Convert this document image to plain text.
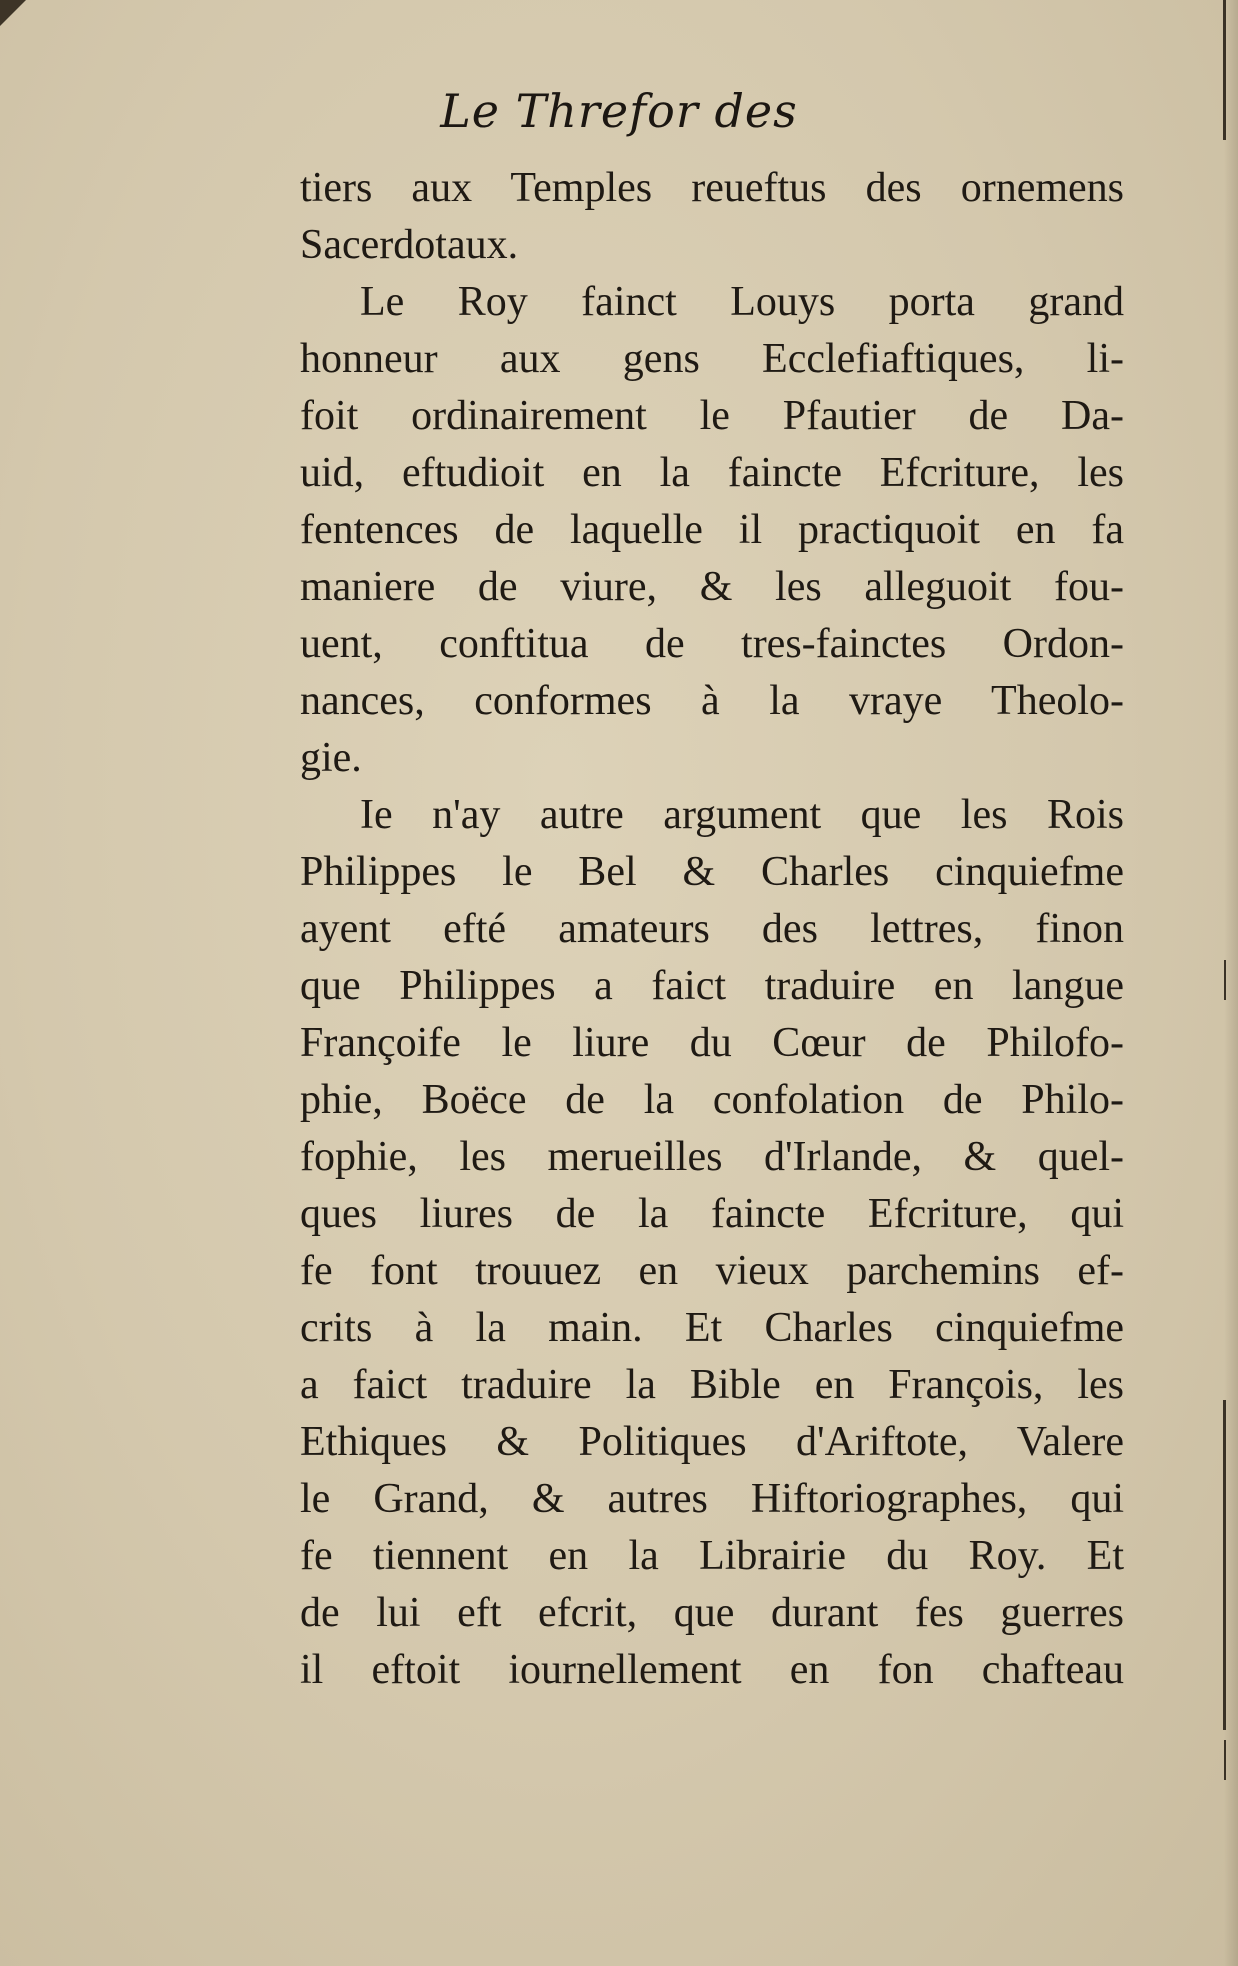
Le Threfor des
tiers aux Temples reueftus des ornemens
Sacerdotaux.
Le Roy fainct Louys porta grand
honneur aux gens Ecclefiaftiques, li-
foit ordinairement le Pfautier de Da-
uid, eftudioit en la faincte Efcriture, les
fentences de laquelle il practiquoit en fa
maniere de viure, & les alleguoit fou-
uent, conftitua de tres-fainctes Ordon-
nances, conformes à la vraye Theolo-
gie.
Ie n'ay autre argument que les Rois
Philippes le Bel & Charles cinquiefme
ayent efté amateurs des lettres, finon
que Philippes a faict traduire en langue
Françoife le liure du Cœur de Philofo-
phie, Boëce de la confolation de Philo-
fophie, les merueilles d'Irlande, & quel-
ques liures de la faincte Efcriture, qui
fe font trouuez en vieux parchemins ef-
crits à la main. Et Charles cinquiefme
a faict traduire la Bible en François, les
Ethiques & Politiques d'Ariftote, Valere
le Grand, & autres Hiftoriographes, qui
fe tiennent en la Librairie du Roy. Et
de lui eft efcrit, que durant fes guerres
il eftoit iournellement en fon chafteau
